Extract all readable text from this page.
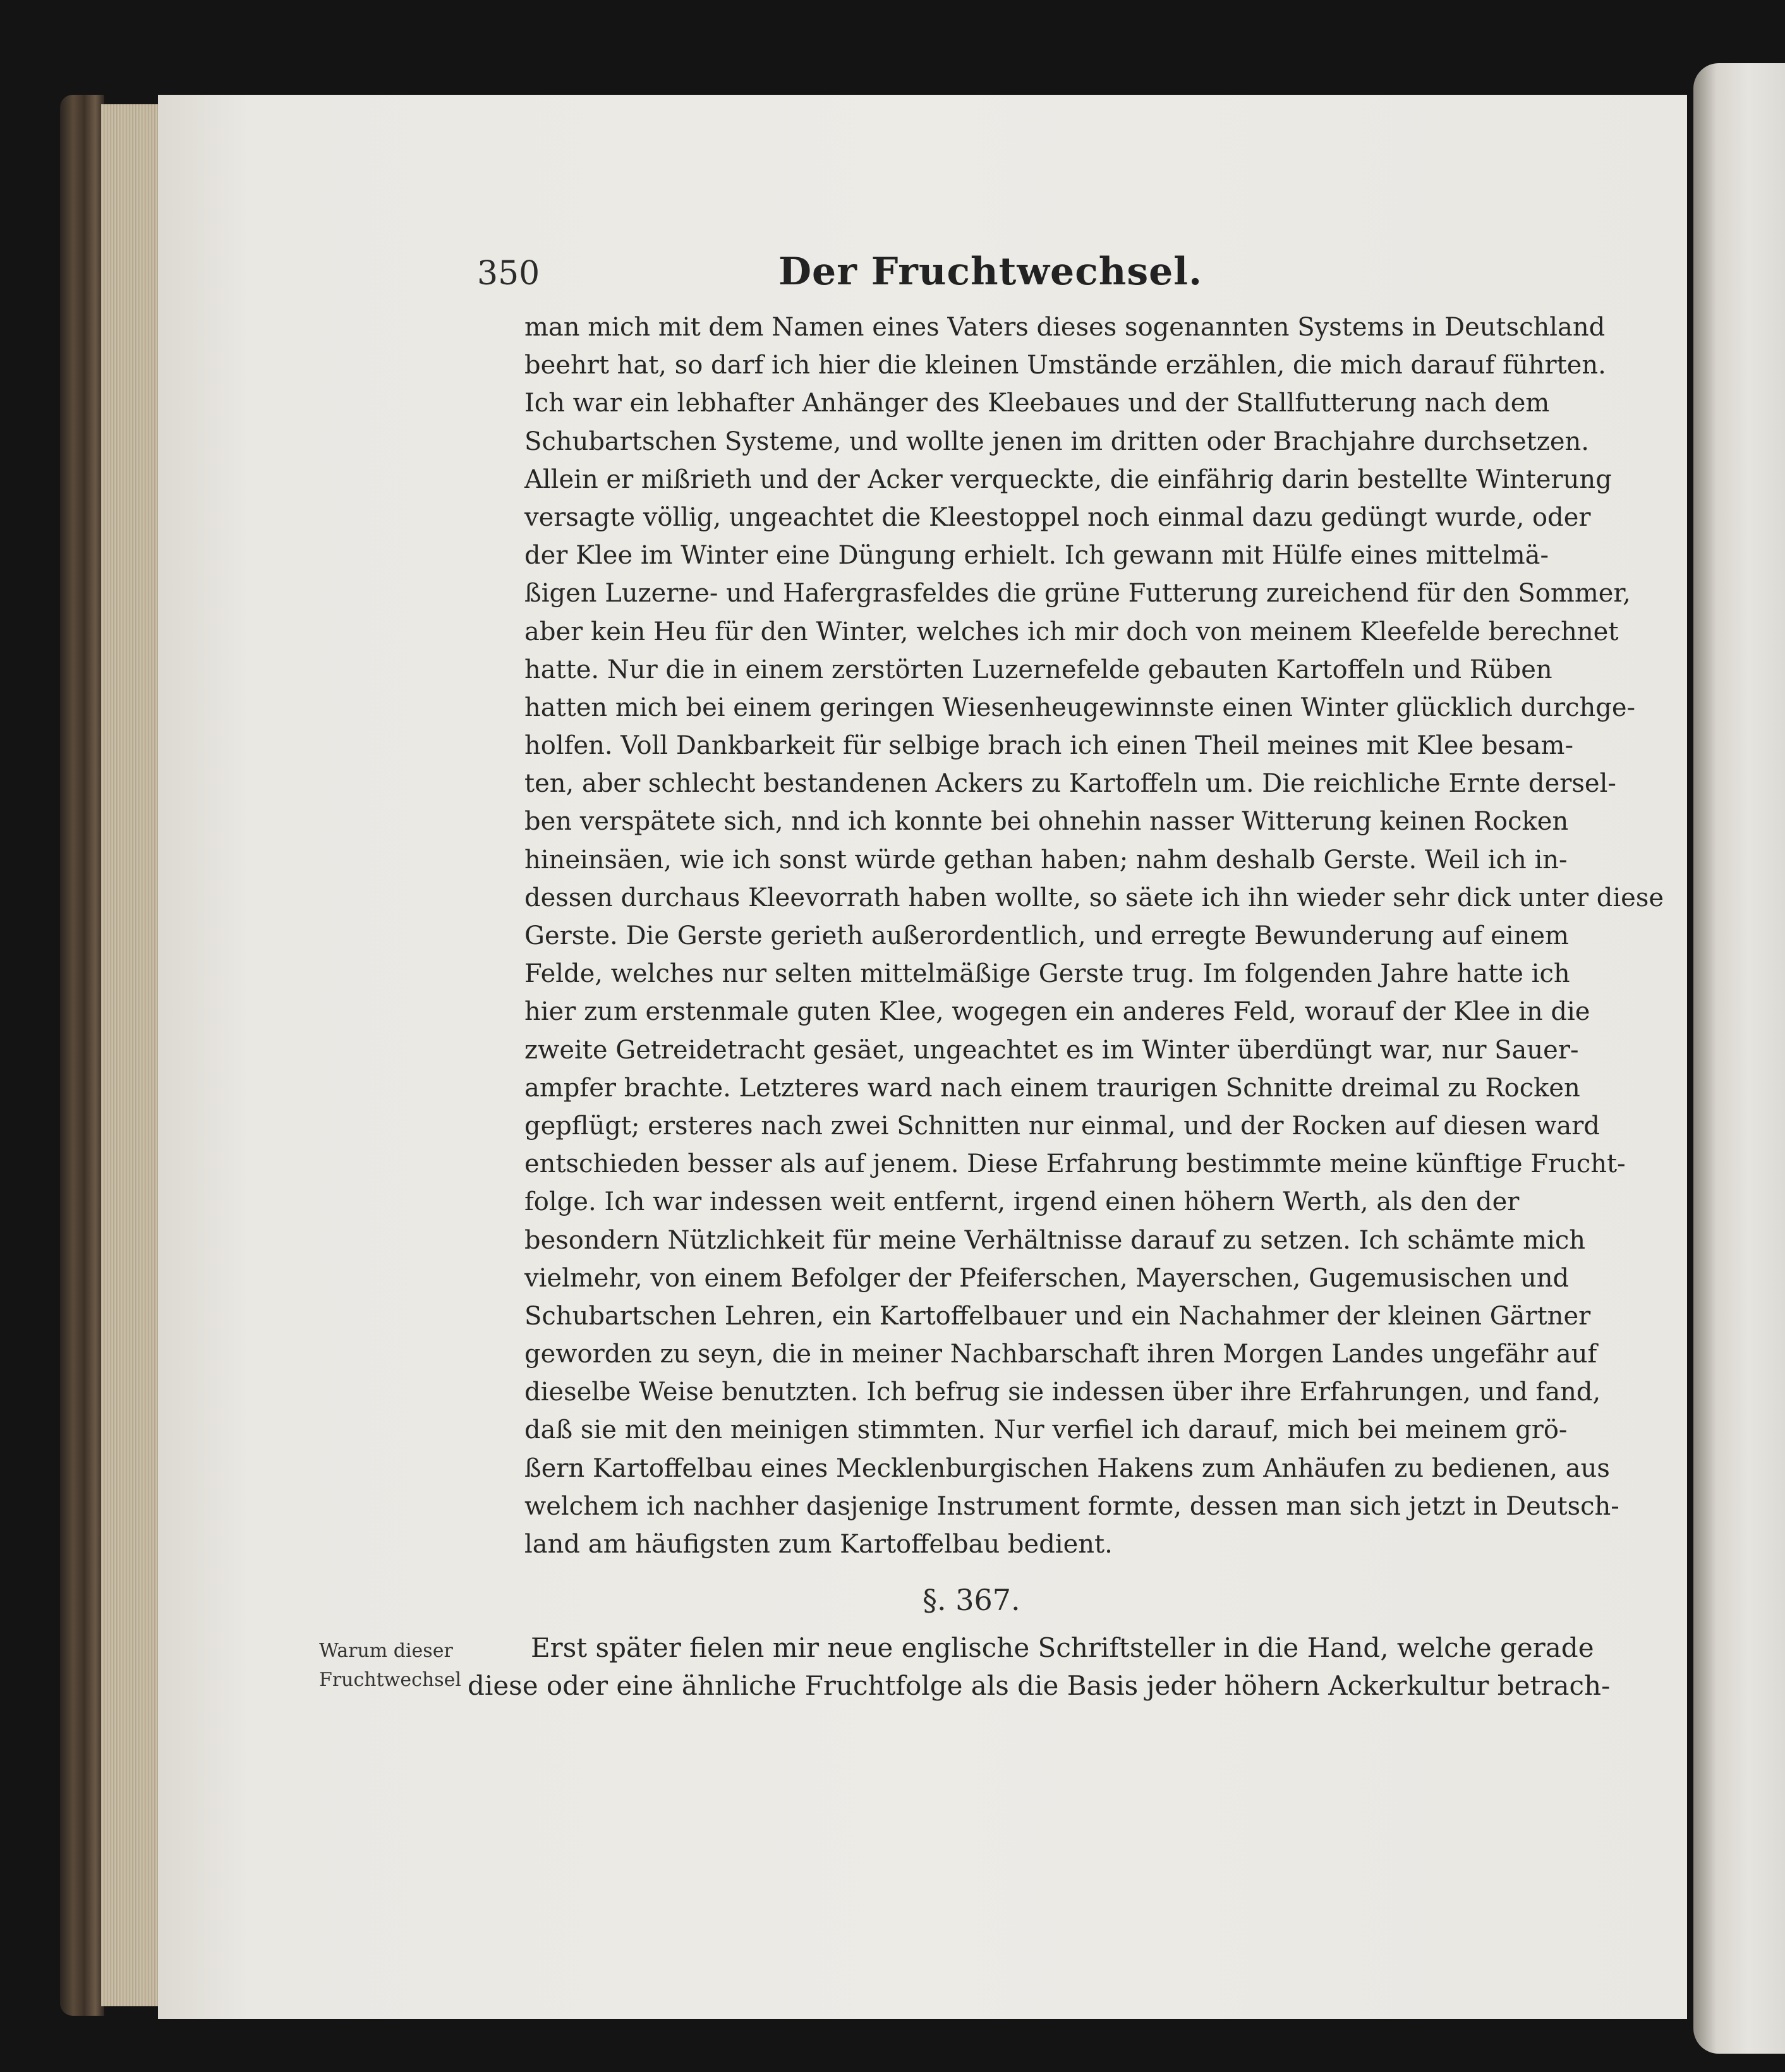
350	Der Fruchtwechsel.
man mich mit dem Namen eines Vaters dieses sogenannten Systems in Deutschland
beehrt hat, so darf ich hier die kleinen Umstände erzählen, die mich darauf führten.
Ich war ein lebhafter Anhänger des Kleebaues und der Stallfutterung nach dem
Schubartschen Systeme, und wollte jenen im dritten oder Brachjahre durchsetzen.
Allein er mißrieth und der Acker verqueckte, die einfährig darin bestellte Winterung
versagte völlig, ungeachtet die Kleestoppel noch einmal dazu gedüngt wurde, oder
der Klee im Winter eine Düngung erhielt. Ich gewann mit Hülfe eines mittelmä-
ßigen Luzerne- und Hafergrasfeldes die grüne Futterung zureichend für den Sommer,
aber kein Heu für den Winter, welches ich mir doch von meinem Kleefelde berechnet
hatte. Nur die in einem zerstörten Luzernefelde gebauten Kartoffeln und Rüben
hatten mich bei einem geringen Wiesenheugewinnste einen Winter glücklich durchge-
holfen. Voll Dankbarkeit für selbige brach ich einen Theil meines mit Klee besam-
ten, aber schlecht bestandenen Ackers zu Kartoffeln um. Die reichliche Ernte dersel-
ben verspätete sich, nnd ich konnte bei ohnehin nasser Witterung keinen Rocken
hineinsäen, wie ich sonst würde gethan haben; nahm deshalb Gerste. Weil ich in-
dessen durchaus Kleevorrath haben wollte, so säete ich ihn wieder sehr dick unter diese
Gerste. Die Gerste gerieth außerordentlich, und erregte Bewunderung auf einem
Felde, welches nur selten mittelmäßige Gerste trug. Im folgenden Jahre hatte ich
hier zum erstenmale guten Klee, wogegen ein anderes Feld, worauf der Klee in die
zweite Getreidetracht gesäet, ungeachtet es im Winter überdüngt war, nur Sauer-
ampfer brachte. Letzteres ward nach einem traurigen Schnitte dreimal zu Rocken
gepflügt; ersteres nach zwei Schnitten nur einmal, und der Rocken auf diesen ward
entschieden besser als auf jenem. Diese Erfahrung bestimmte meine künftige Frucht-
folge. Ich war indessen weit entfernt, irgend einen höhern Werth, als den der
besondern Nützlichkeit für meine Verhältnisse darauf zu setzen. Ich schämte mich
vielmehr, von einem Befolger der Pfeiferschen, Mayerschen, Gugemusischen und
Schubartschen Lehren, ein Kartoffelbauer und ein Nachahmer der kleinen Gärtner
geworden zu seyn, die in meiner Nachbarschaft ihren Morgen Landes ungefähr auf
dieselbe Weise benutzten. Ich befrug sie indessen über ihre Erfahrungen, und fand,
daß sie mit den meinigen stimmten. Nur verfiel ich darauf, mich bei meinem grö-
ßern Kartoffelbau eines Mecklenburgischen Hakens zum Anhäufen zu bedienen, aus
welchem ich nachher dasjenige Instrument formte, dessen man sich jetzt in Deutsch-
land am häufigsten zum Kartoffelbau bedient.
§. 367.
Warum dieser
Fruchtwechsel
Erst später fielen mir neue englische Schriftsteller in die Hand, welche gerade
diese oder eine ähnliche Fruchtfolge als die Basis jeder höhern Ackerkultur betrach-
